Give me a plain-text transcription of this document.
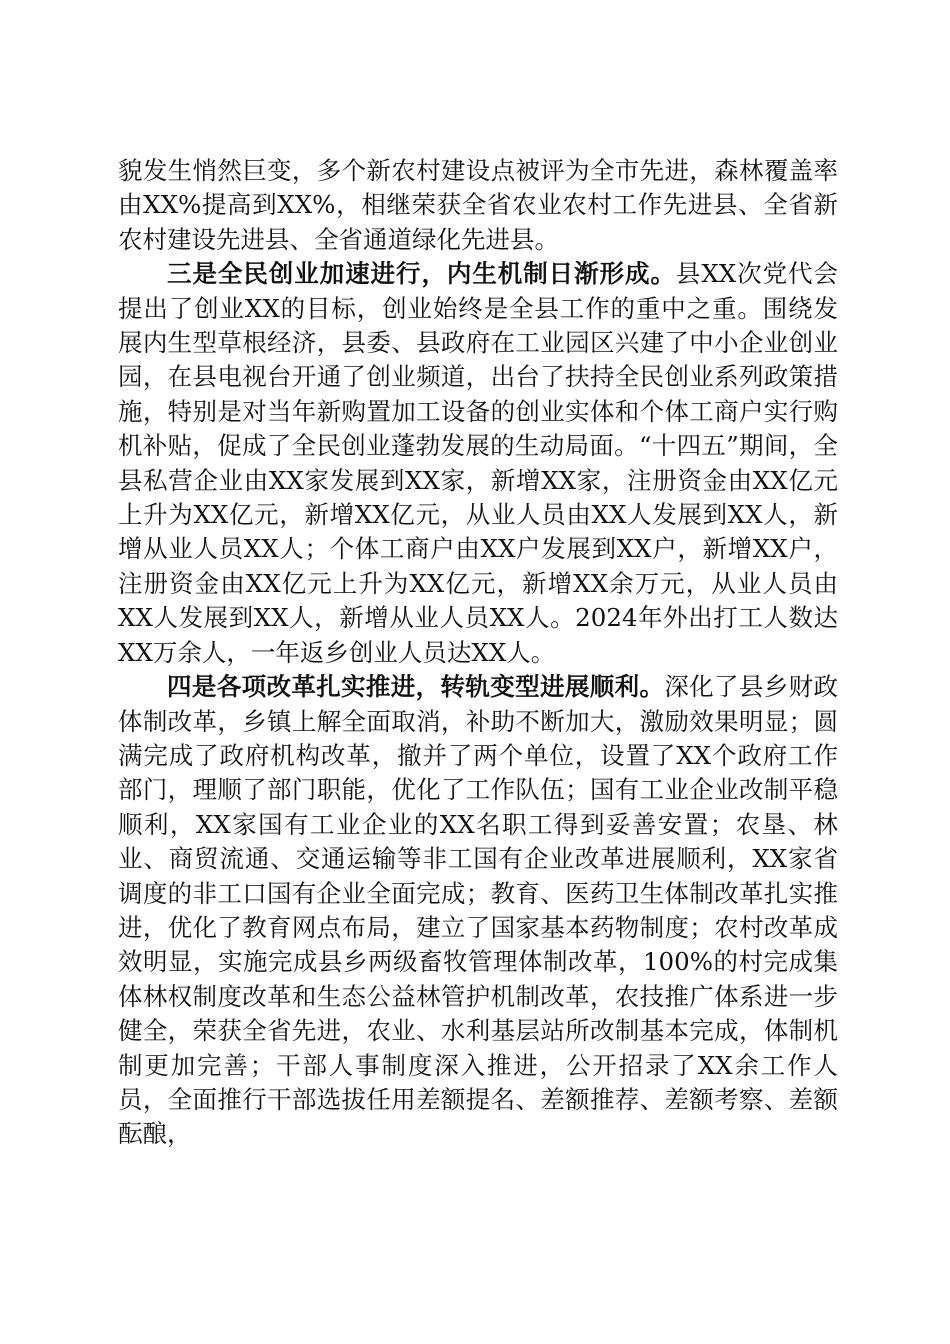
貌发生悄然巨变，多个新农村建设点被评为全市先进，森林覆盖率由XX%提高到XX%，相继荣获全省农业农村工作先进县、全省新农村建设先进县、全省通道绿化先进县。

三是全民创业加速进行，内生机制日渐形成。县XX次党代会提出了创业XX的目标，创业始终是全县工作的重中之重。围绕发展内生型草根经济，县委、县政府在工业园区兴建了中小企业创业园，在县电视台开通了创业频道，出台了扶持全民创业系列政策措施，特别是对当年新购置加工设备的创业实体和个体工商户实行购机补贴，促成了全民创业蓬勃发展的生动局面。“十四五”期间，全县私营企业由XX家发展到XX家，新增XX家，注册资金由XX亿元上升为XX亿元，新增XX亿元，从业人员由XX人发展到XX人，新增从业人员XX人；个体工商户由XX户发展到XX户，新增XX户，注册资金由XX亿元上升为XX亿元，新增XX余万元，从业人员由XX人发展到XX人，新增从业人员XX人。2024年外出打工人数达XX万余人，一年返乡创业人员达XX人。

四是各项改革扎实推进，转轨变型进展顺利。深化了县乡财政体制改革，乡镇上解全面取消，补助不断加大，激励效果明显；圆满完成了政府机构改革，撤并了两个单位，设置了XX个政府工作部门，理顺了部门职能，优化了工作队伍；国有工业企业改制平稳顺利，XX家国有工业企业的XX名职工得到妥善安置；农垦、林业、商贸流通、交通运输等非工国有企业改革进展顺利，XX家省调度的非工口国有企业全面完成；教育、医药卫生体制改革扎实推进，优化了教育网点布局，建立了国家基本药物制度；农村改革成效明显，实施完成县乡两级畜牧管理体制改革，100%的村完成集体林权制度改革和生态公益林管护机制改革，农技推广体系进一步健全，荣获全省先进，农业、水利基层站所改制基本完成，体制机制更加完善；干部人事制度深入推进，公开招录了XX余工作人员，全面推行干部选拔任用差额提名、差额推荐、差额考察、差额酝酿，
